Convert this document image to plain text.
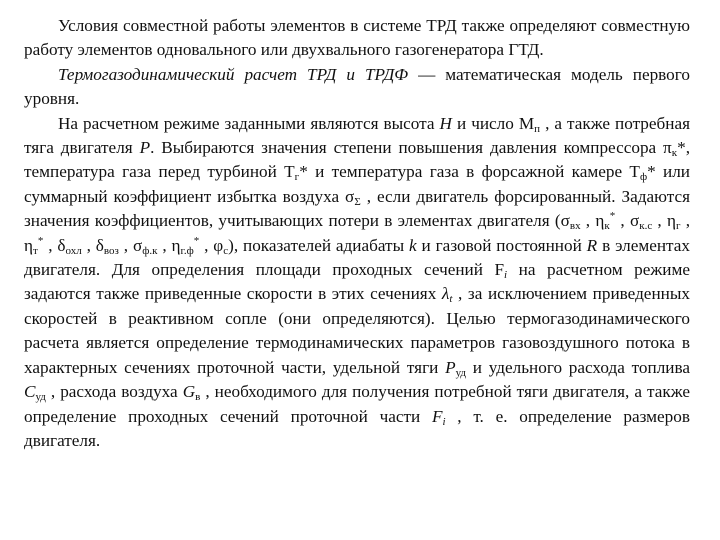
Условия совместной работы элементов в системе ТРД также определяют совместную работу элементов одновального или двухвального газогенератора ГТД.

Термогазодинамический расчет ТРД и ТРДФ — математическая модель первого уровня.

На расчетном режиме заданными являются высота H и число $М_п$ , а также потребная тяга двигателя P. Выбираются значения степени повышения давления компрессора $\pi_к*$, температура газа перед турбиной $Т_г*$ и температура газа в форсажной камере $Т_ф*$ или суммарный коэффициент избытка воздуха $\sigma_\Sigma$ , если двигатель форсированный. Задаются значения коэффициентов, учитывающих потери в элементах двигателя ($\sigma_{вх}$ , $\eta_к^*$ , $\sigma_{к.с}$ , $\eta_г$ , $\eta_т^*$ , $\delta_{охл}$ , $\delta_{воз}$ , $\sigma_{ф.к}$ , $\eta_{г.ф}^*$ , $\varphi_с$), показателей адиабаты k и газовой постоянной R в элементах двигателя. Для определения площади проходных сечений $F_i$ на расчетном режиме задаются также приведенные скорости в этих сечениях $\lambda_t$ , за исключением приведенных скоростей в реактивном сопле (они определяются). Целью термогазодинамического расчета является определение термодинамических параметров газовоздушного потока в характерных сечениях проточной части, удельной тяги $P_{уд}$ и удельного расхода топлива $C_{уд}$ , расхода воздуха $G_в$ , необходимого для получения потребной тяги двигателя, а также определение проходных сечений проточной части $F_i$ , т. е. определение размеров двигателя.
